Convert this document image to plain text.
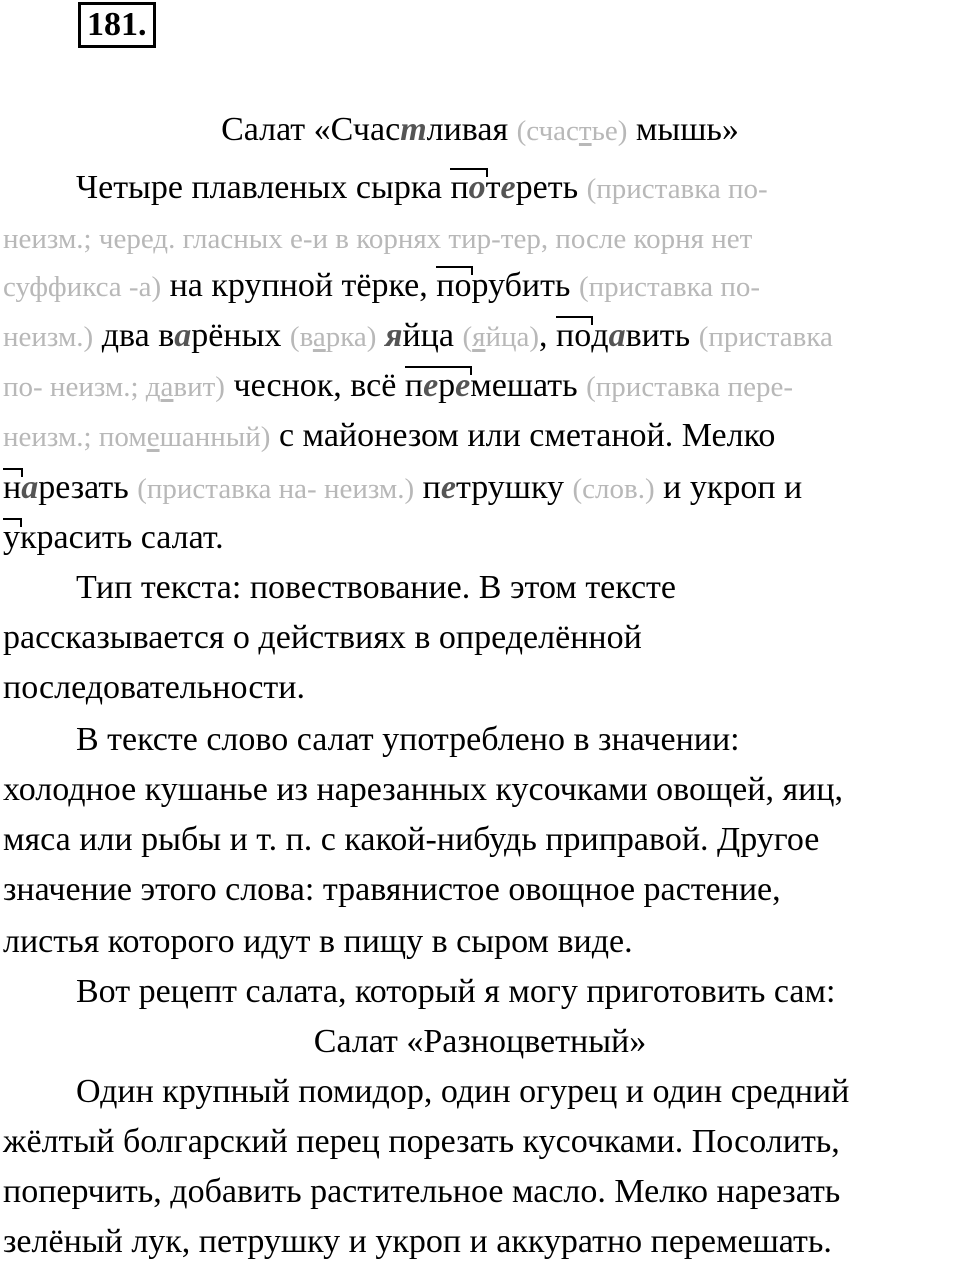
181.
Салат «Счастливая (счастье) мышь»
Четыре плавленых сырка потереть (приставка по-
неизм.; черед. гласных е-и в корнях тир-тер, после корня нет
суффикса -а) на крупной тёрке, порубить (приставка по-
неизм.) два варёных (варка) яйца (яйца), подавить (приставка
по- неизм.; давит) чеснок, всё перемешать (приставка пере-
неизм.; помешанный) с майонезом или сметаной. Мелко
нарезать (приставка на- неизм.) петрушку (слов.) и укроп и
украсить салат.
Тип текста: повествование. В этом тексте
рассказывается о действиях в определённой
последовательности.
В тексте слово салат употреблено в значении:
холодное кушанье из нарезанных кусочками овощей, яиц,
мяса или рыбы и т. п. с какой-нибудь приправой. Другое
значение этого слова: травянистое овощное растение,
листья которого идут в пищу в сыром виде.
Вот рецепт салата, который я могу приготовить сам:
Салат «Разноцветный»
Один крупный помидор, один огурец и один средний
жёлтый болгарский перец порезать кусочками. Посолить,
поперчить, добавить растительное масло. Мелко нарезать
зелёный лук, петрушку и укроп и аккуратно перемешать.
